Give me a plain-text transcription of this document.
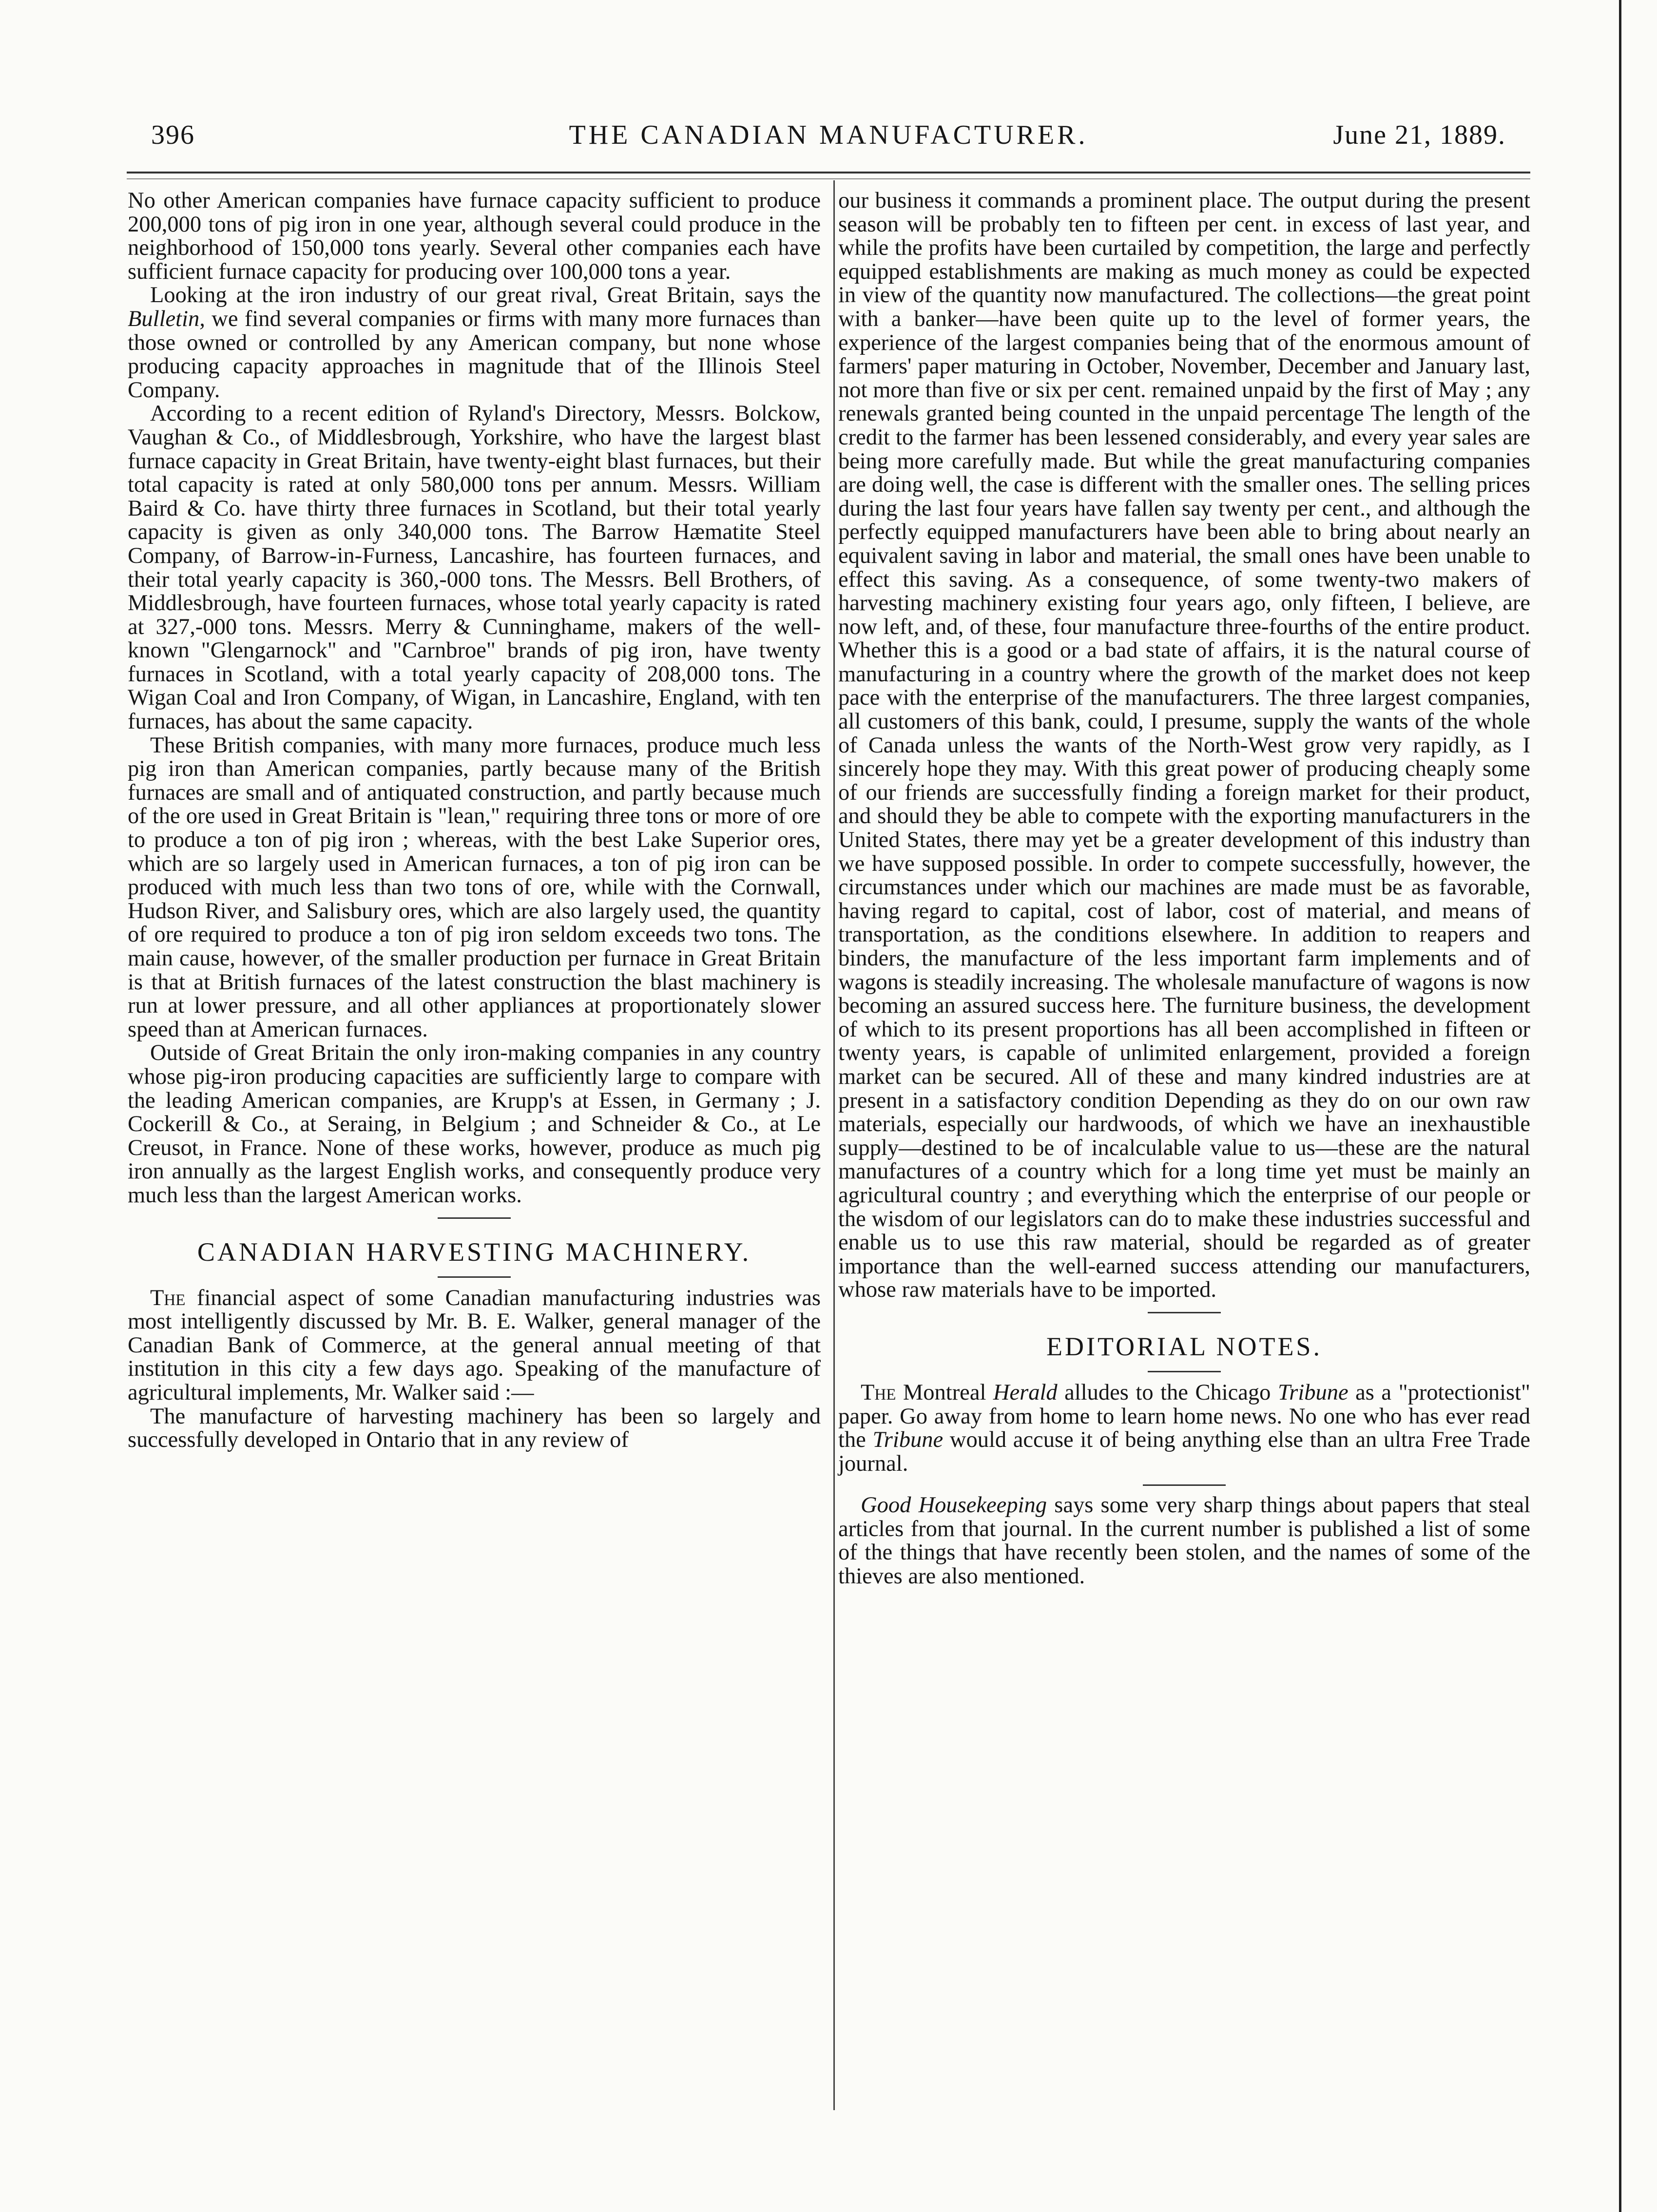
396	THE CANADIAN MANUFACTURER.	June 21, 1889.

No other American companies have furnace capacity sufficient to produce 200,000 tons of pig iron in one year, although several could produce in the neighborhood of 150,000 tons yearly. Several other companies each have sufficient furnace capacity for producing over 100,000 tons a year.

Looking at the iron industry of our great rival, Great Britain, says the Bulletin, we find several companies or firms with many more furnaces than those owned or controlled by any American company, but none whose producing capacity approaches in magnitude that of the Illinois Steel Company.

According to a recent edition of Ryland's Directory, Messrs. Bolckow, Vaughan & Co., of Middlesbrough, Yorkshire, who have the largest blast furnace capacity in Great Britain, have twenty-eight blast furnaces, but their total capacity is rated at only 580,000 tons per annum. Messrs. William Baird & Co. have thirty three furnaces in Scotland, but their total yearly capacity is given as only 340,000 tons. The Barrow Hæmatite Steel Company, of Barrow-in-Furness, Lancashire, has fourteen furnaces, and their total yearly capacity is 360,-000 tons. The Messrs. Bell Brothers, of Middlesbrough, have fourteen furnaces, whose total yearly capacity is rated at 327,-000 tons. Messrs. Merry & Cunninghame, makers of the well-known "Glengarnock" and "Carnbroe" brands of pig iron, have twenty furnaces in Scotland, with a total yearly capacity of 208,000 tons. The Wigan Coal and Iron Company, of Wigan, in Lancashire, England, with ten furnaces, has about the same capacity.

These British companies, with many more furnaces, produce much less pig iron than American companies, partly because many of the British furnaces are small and of antiquated construction, and partly because much of the ore used in Great Britain is "lean," requiring three tons or more of ore to produce a ton of pig iron ; whereas, with the best Lake Superior ores, which are so largely used in American furnaces, a ton of pig iron can be produced with much less than two tons of ore, while with the Cornwall, Hudson River, and Salisbury ores, which are also largely used, the quantity of ore required to produce a ton of pig iron seldom exceeds two tons. The main cause, however, of the smaller production per furnace in Great Britain is that at British furnaces of the latest construction the blast machinery is run at lower pressure, and all other appliances at proportionately slower speed than at American furnaces.

Outside of Great Britain the only iron-making companies in any country whose pig-iron producing capacities are sufficiently large to compare with the leading American companies, are Krupp's at Essen, in Germany ; J. Cockerill & Co., at Seraing, in Belgium ; and Schneider & Co., at Le Creusot, in France. None of these works, however, produce as much pig iron annually as the largest English works, and consequently produce very much less than the largest American works.

CANADIAN HARVESTING MACHINERY.

The financial aspect of some Canadian manufacturing industries was most intelligently discussed by Mr. B. E. Walker, general manager of the Canadian Bank of Commerce, at the general annual meeting of that institution in this city a few days ago. Speaking of the manufacture of agricultural implements, Mr. Walker said :—

The manufacture of harvesting machinery has been so largely and successfully developed in Ontario that in any review of

our business it commands a prominent place. The output during the present season will be probably ten to fifteen per cent. in excess of last year, and while the profits have been curtailed by competition, the large and perfectly equipped establishments are making as much money as could be expected in view of the quantity now manufactured. The collections—the great point with a banker—have been quite up to the level of former years, the experience of the largest companies being that of the enormous amount of farmers' paper maturing in October, November, December and January last, not more than five or six per cent. remained unpaid by the first of May ; any renewals granted being counted in the unpaid percentage The length of the credit to the farmer has been lessened considerably, and every year sales are being more carefully made. But while the great manufacturing companies are doing well, the case is different with the smaller ones. The selling prices during the last four years have fallen say twenty per cent., and although the perfectly equipped manufacturers have been able to bring about nearly an equivalent saving in labor and material, the small ones have been unable to effect this saving. As a consequence, of some twenty-two makers of harvesting machinery existing four years ago, only fifteen, I believe, are now left, and, of these, four manufacture three-fourths of the entire product. Whether this is a good or a bad state of affairs, it is the natural course of manufacturing in a country where the growth of the market does not keep pace with the enterprise of the manufacturers. The three largest companies, all customers of this bank, could, I presume, supply the wants of the whole of Canada unless the wants of the North-West grow very rapidly, as I sincerely hope they may. With this great power of producing cheaply some of our friends are successfully finding a foreign market for their product, and should they be able to compete with the exporting manufacturers in the United States, there may yet be a greater development of this industry than we have supposed possible. In order to compete successfully, however, the circumstances under which our machines are made must be as favorable, having regard to capital, cost of labor, cost of material, and means of transportation, as the conditions elsewhere. In addition to reapers and binders, the manufacture of the less important farm implements and of wagons is steadily increasing. The wholesale manufacture of wagons is now becoming an assured success here. The furniture business, the development of which to its present proportions has all been accomplished in fifteen or twenty years, is capable of unlimited enlargement, provided a foreign market can be secured. All of these and many kindred industries are at present in a satisfactory condition Depending as they do on our own raw materials, especially our hardwoods, of which we have an inexhaustible supply—destined to be of incalculable value to us—these are the natural manufactures of a country which for a long time yet must be mainly an agricultural country ; and everything which the enterprise of our people or the wisdom of our legislators can do to make these industries successful and enable us to use this raw material, should be regarded as of greater importance than the well-earned success attending our manufacturers, whose raw materials have to be imported.

EDITORIAL NOTES.

The Montreal Herald alludes to the Chicago Tribune as a "protectionist" paper. Go away from home to learn home news. No one who has ever read the Tribune would accuse it of being anything else than an ultra Free Trade journal.

Good Housekeeping says some very sharp things about papers that steal articles from that journal. In the current number is published a list of some of the things that have recently been stolen, and the names of some of the thieves are also mentioned.
